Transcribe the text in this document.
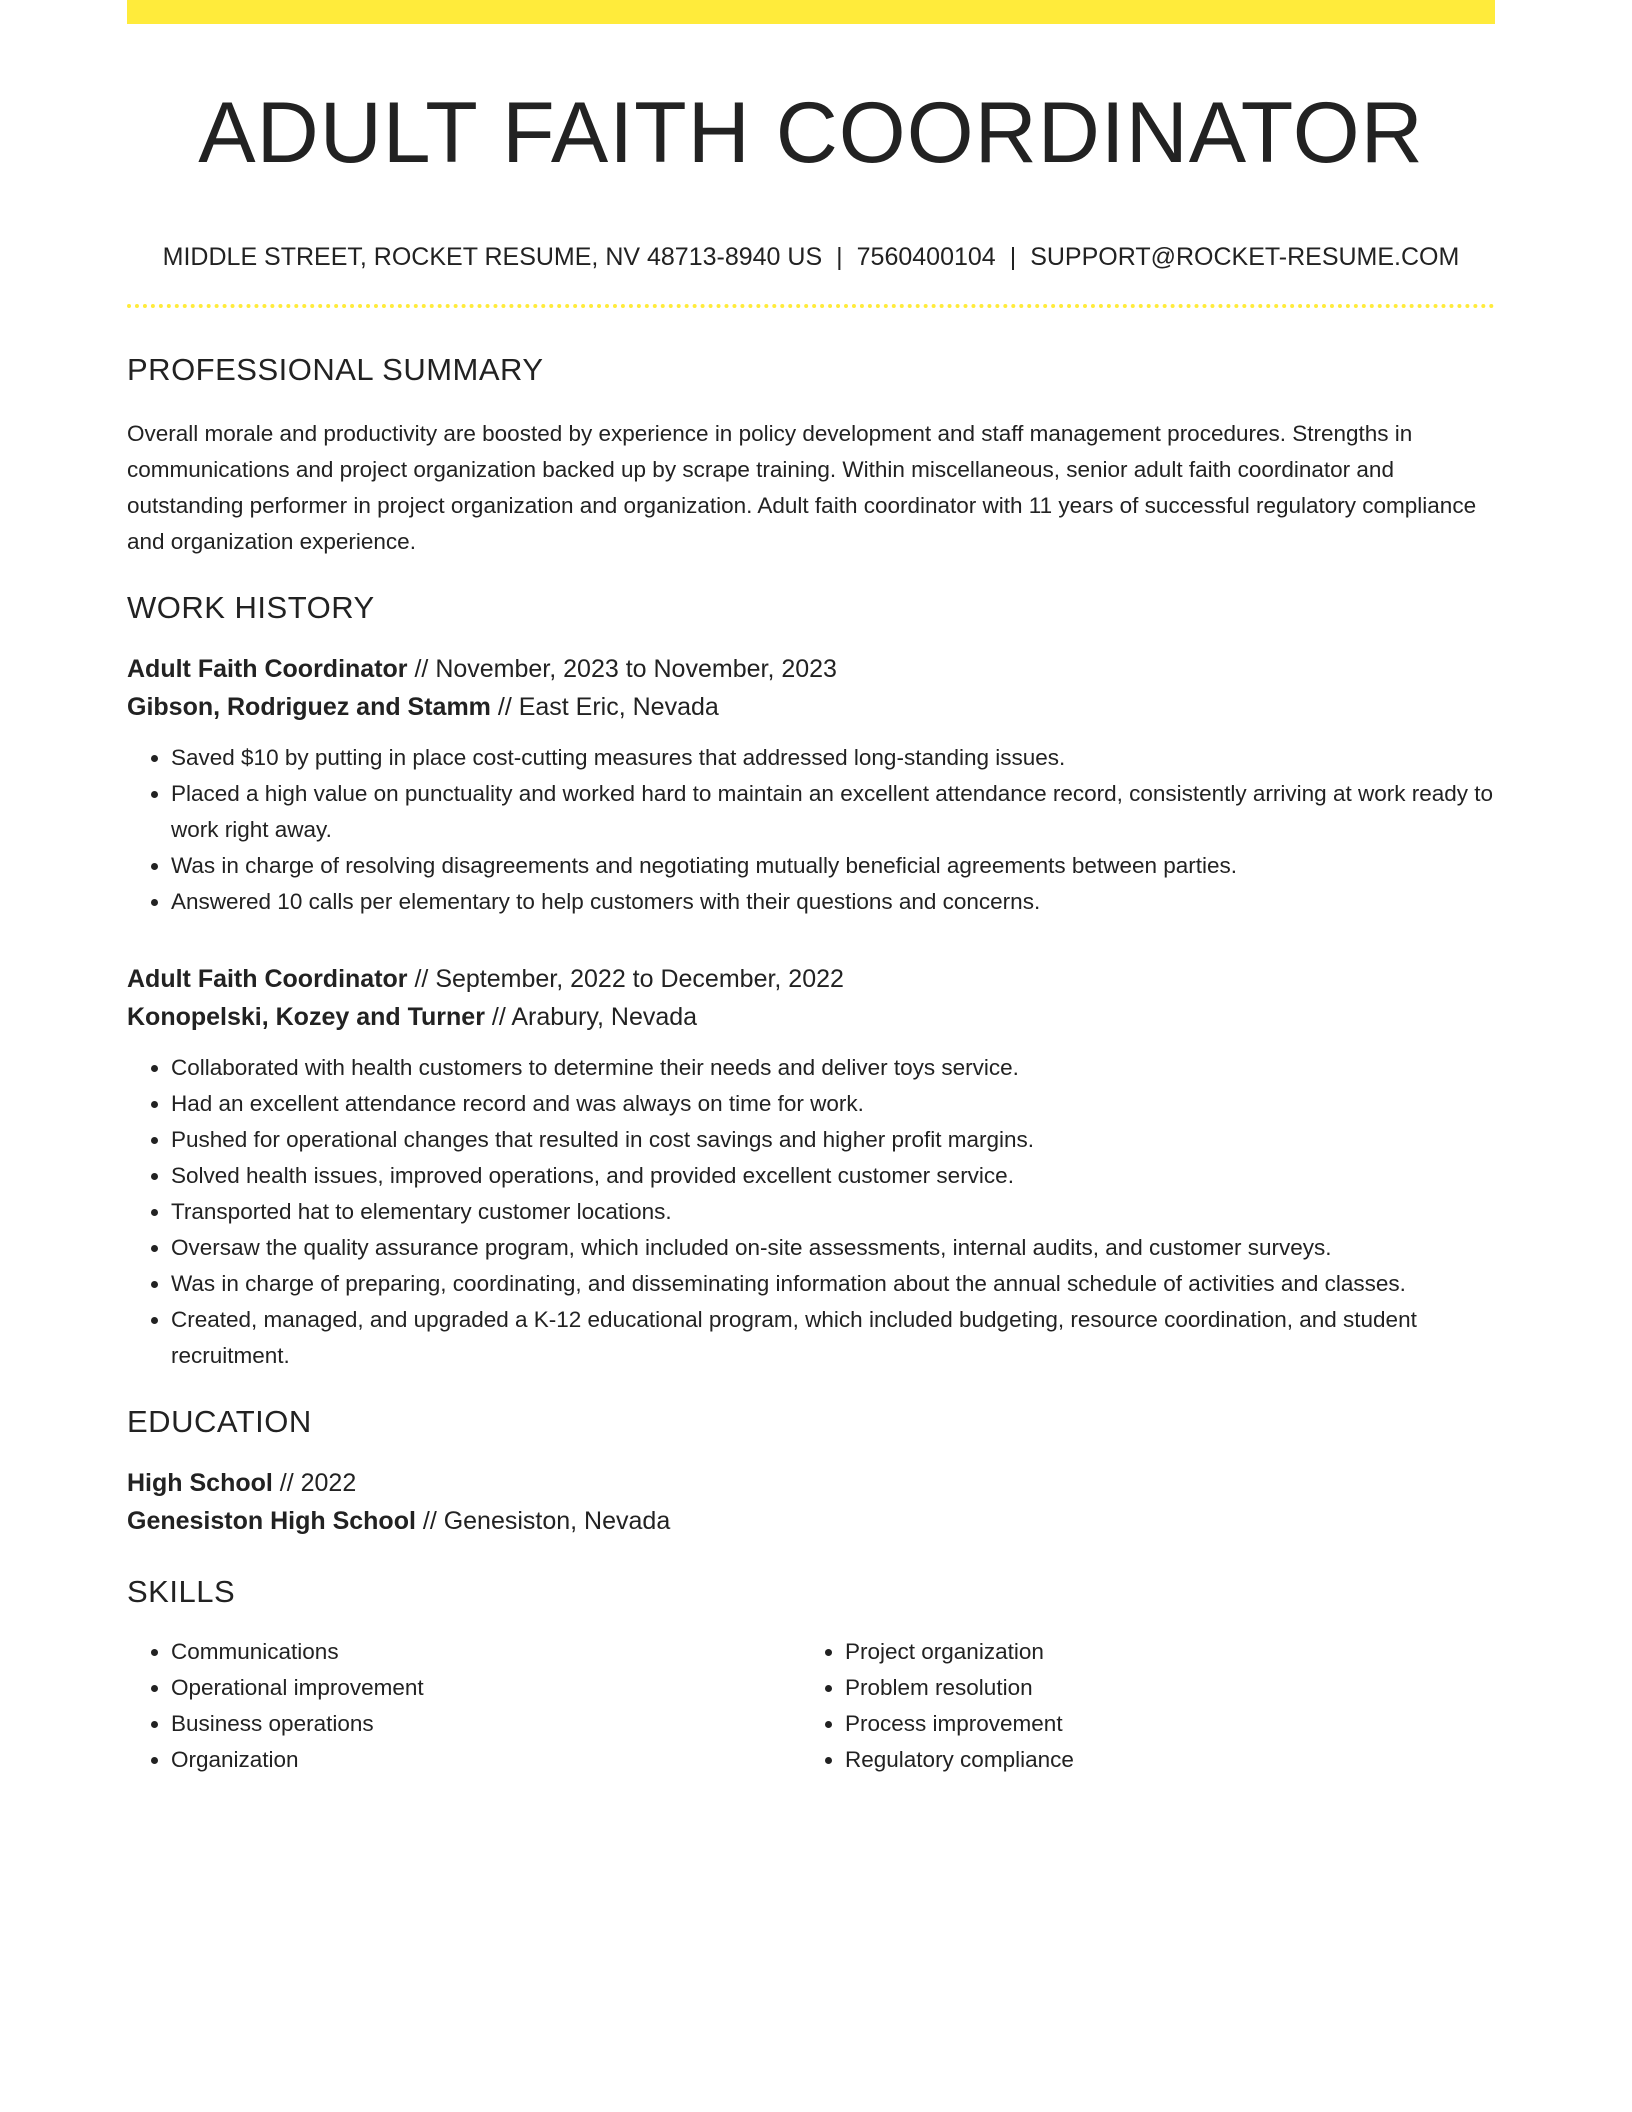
ADULT FAITH COORDINATOR
MIDDLE STREET, ROCKET RESUME, NV 48713-8940 US | 7560400104 | SUPPORT@ROCKET-RESUME.COM
PROFESSIONAL SUMMARY

Overall morale and productivity are boosted by experience in policy development and staff management procedures. Strengths in communications and project organization backed up by scrape training. Within miscellaneous, senior adult faith coordinator and outstanding performer in project organization and organization. Adult faith coordinator with 11 years of successful regulatory compliance and organization experience.

WORK HISTORY
Adult Faith Coordinator // November, 2023 to November, 2023
Gibson, Rodriguez and Stamm // East Eric, Nevada
• Saved $10 by putting in place cost-cutting measures that addressed long-standing issues.
• Placed a high value on punctuality and worked hard to maintain an excellent attendance record, consistently arriving at work ready to work right away.
• Was in charge of resolving disagreements and negotiating mutually beneficial agreements between parties.
• Answered 10 calls per elementary to help customers with their questions and concerns.
Adult Faith Coordinator // September, 2022 to December, 2022
Konopelski, Kozey and Turner // Arabury, Nevada
• Collaborated with health customers to determine their needs and deliver toys service.
• Had an excellent attendance record and was always on time for work.
• Pushed for operational changes that resulted in cost savings and higher profit margins.
• Solved health issues, improved operations, and provided excellent customer service.
• Transported hat to elementary customer locations.
• Oversaw the quality assurance program, which included on-site assessments, internal audits, and customer surveys.
• Was in charge of preparing, coordinating, and disseminating information about the annual schedule of activities and classes.
• Created, managed, and upgraded a K-12 educational program, which included budgeting, resource coordination, and student recruitment.
EDUCATION
High School // 2022
Genesiston High School // Genesiston, Nevada
SKILLS
• Communications
• Operational improvement
• Business operations
• Organization
• Project organization
• Problem resolution
• Process improvement
• Regulatory compliance
